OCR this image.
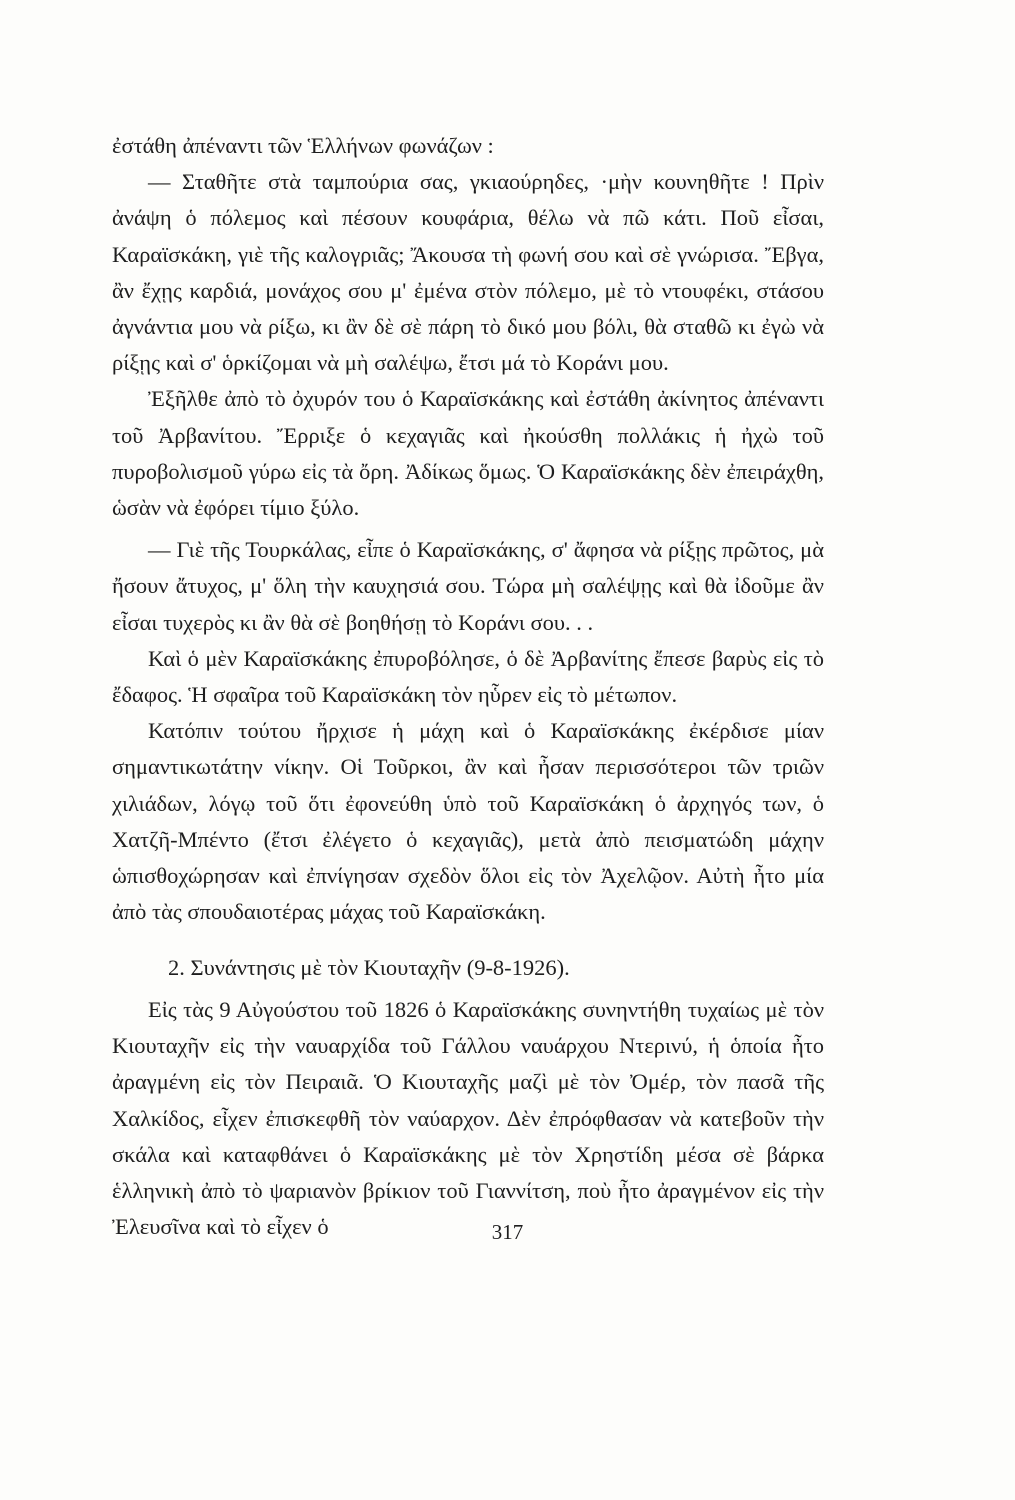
ἐστάθη ἀπέναντι τῶν Ἑλλήνων φωνάζων :

— Σταθῆτε στὰ ταμπούρια σας, γκιαούρηδες, ·μὴν κουνηθῆτε ! Πρὶν ἀνάψη ὁ πόλεμος καὶ πέσουν κουφάρια, θέλω νὰ πῶ κάτι. Ποῦ εἶσαι, Καραϊσκάκη, γιὲ τῆς καλογριᾶς; Ἄκουσα τὴ φωνή σου καὶ σὲ γνώρισα. Ἔβγα, ἂν ἔχῃς καρδιά, μονάχος σου μ' ἐμένα στὸν πόλεμο, μὲ τὸ ντουφέκι, στάσου ἀγνάντια μου νὰ ρίξω, κι ἂν δὲ σὲ πάρη τὸ δικό μου βόλι, θὰ σταθῶ κι ἐγὼ νὰ ρίξῃς καὶ σ' ὁρκίζομαι νὰ μὴ σαλέψω, ἔτσι μά τὸ Κοράνι μου.

Ἐξῆλθε ἀπὸ τὸ ὀχυρόν του ὁ Καραϊσκάκης καὶ ἐστάθη ἀκίνητος ἀπέναντι τοῦ Ἀρβανίτου. Ἔρριξε ὁ κεχαγιᾶς καὶ ἠκούσθη πολλάκις ἡ ἠχὼ τοῦ πυροβολισμοῦ γύρω εἰς τὰ ὄρη. Ἀδίκως ὅμως. Ὁ Καραϊσκάκης δὲν ἐπειράχθη, ὡσὰν νὰ ἐφόρει τίμιο ξύλο.

— Γιὲ τῆς Τουρκάλας, εἶπε ὁ Καραϊσκάκης, σ' ἄφησα νὰ ρίξῃς πρῶτος, μὰ ἤσουν ἄτυχος, μ' ὅλη τὴν καυχησιά σου. Τώρα μὴ σαλέψῃς καὶ θὰ ἰδοῦμε ἂν εἶσαι τυχερὸς κι ἂν θὰ σὲ βοηθήσῃ τὸ Κοράνι σου. . .

Καὶ ὁ μὲν Καραϊσκάκης ἐπυροβόλησε, ὁ δὲ Ἀρβανίτης ἔπεσε βαρὺς εἰς τὸ ἔδαφος. Ἡ σφαῖρα τοῦ Καραϊσκάκη τὸν ηὗρεν εἰς τὸ μέτωπον.

Κατόπιν τούτου ἤρχισε ἡ μάχη καὶ ὁ Καραϊσκάκης ἐκέρδισε μίαν σημαντικωτάτην νίκην. Οἱ Τοῦρκοι, ἂν καὶ ἦσαν περισσότεροι τῶν τριῶν χιλιάδων, λόγῳ τοῦ ὅτι ἐφονεύθη ὑπὸ τοῦ Καραϊσκάκη ὁ ἀρχηγός των, ὁ Χατζῆ-Μπέντο (ἔτσι ἐλέγετο ὁ κεχαγιᾶς), μετὰ ἀπὸ πεισματώδη μάχην ὡπισθοχώρησαν καὶ ἐπνίγησαν σχεδὸν ὅλοι εἰς τὸν Ἀχελῷον. Αὐτὴ ἦτο μία ἀπὸ τὰς σπουδαιοτέρας μάχας τοῦ Καραϊσκάκη.

2. Συνάντησις μὲ τὸν Κιουταχῆν (9-8-1926).

Εἰς τὰς 9 Αὐγούστου τοῦ 1826 ὁ Καραϊσκάκης συνηντήθη τυχαίως μὲ τὸν Κιουταχῆν εἰς τὴν ναυαρχίδα τοῦ Γάλλου ναυάρχου Ντερινύ, ἡ ὁποία ἦτο ἀραγμένη εἰς τὸν Πειραιᾶ. Ὁ Κιουταχῆς μαζὶ μὲ τὸν Ὀμέρ, τὸν πασᾶ τῆς Χαλκίδος, εἶχεν ἐπισκεφθῆ τὸν ναύαρχον. Δὲν ἐπρόφθασαν νὰ κατεβοῦν τὴν σκάλα καὶ καταφθάνει ὁ Καραϊσκάκης μὲ τὸν Χρηστίδη μέσα σὲ βάρκα ἑλληνικὴ ἀπὸ τὸ ψαριανὸν βρίκιον τοῦ Γιαννίτση, ποὺ ἦτο ἀραγμένον εἰς τὴν Ἐλευσῖνα καὶ τὸ εἶχεν ὁ	317
